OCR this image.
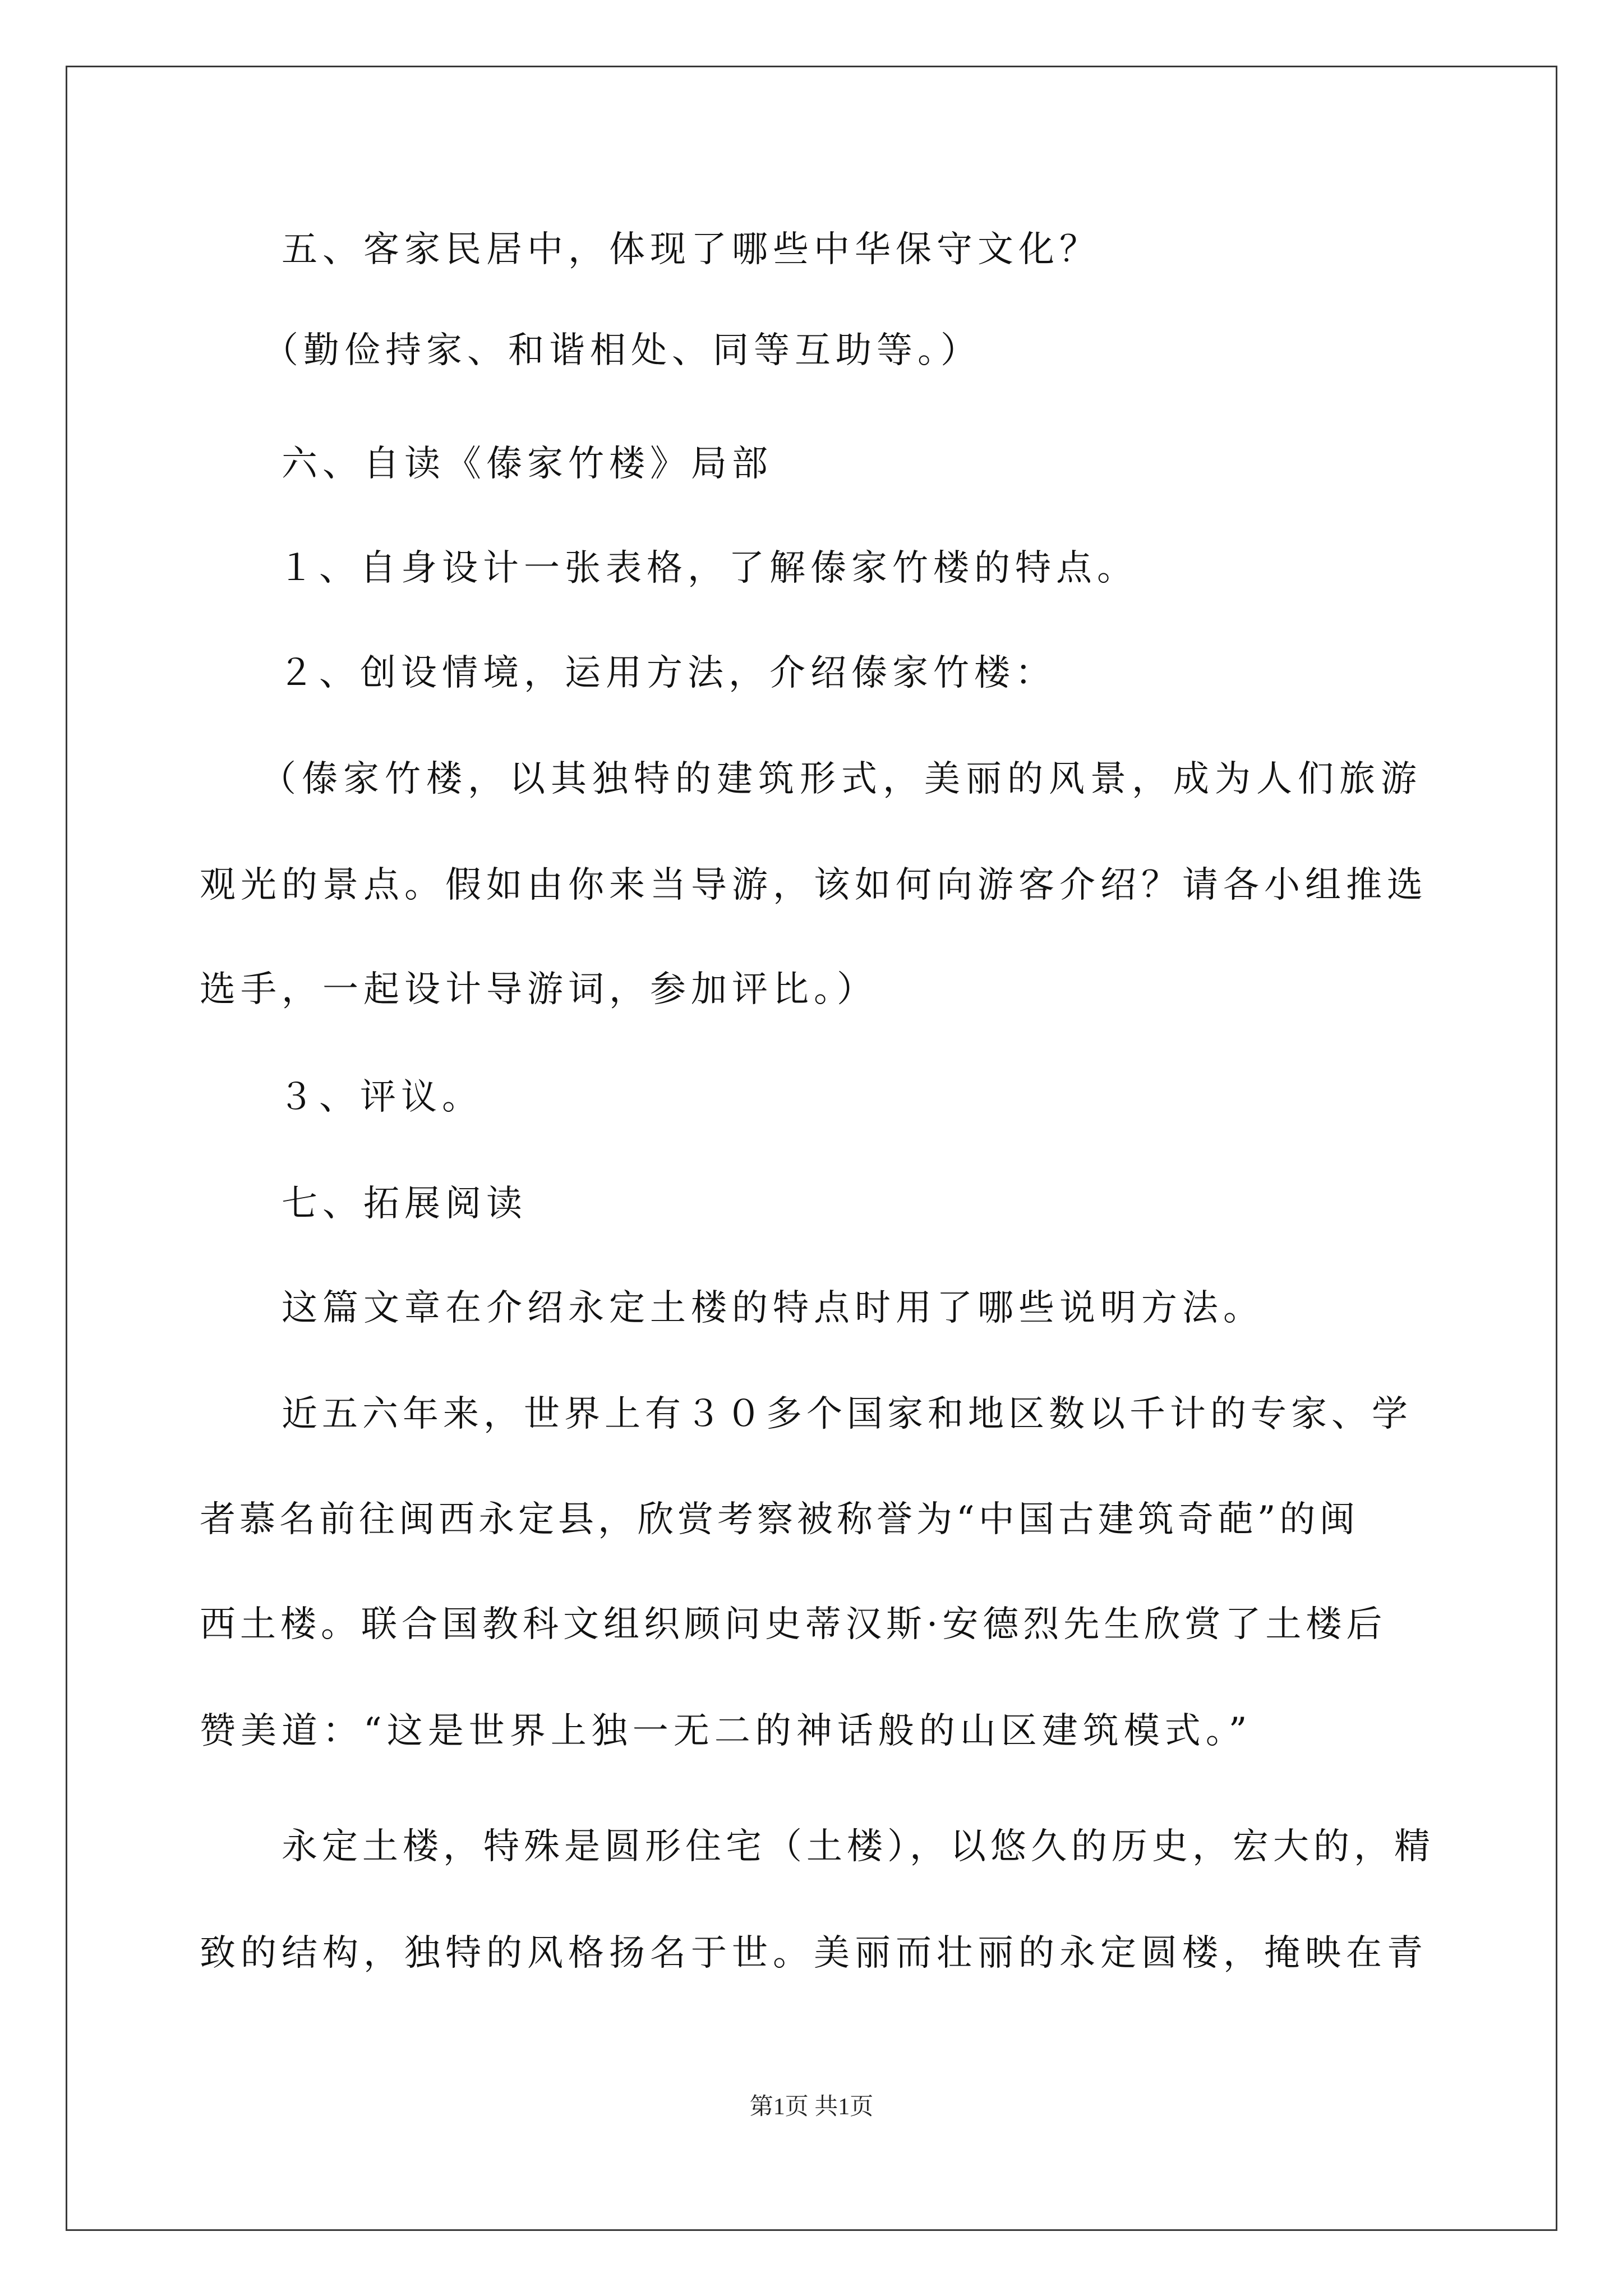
五、客家民居中，体现了哪些中华保守文化？
（勤俭持家、和谐相处、同等互助等。）
六、自读《傣家竹楼》局部
１、自身设计一张表格，了解傣家竹楼的特点。
２、创设情境，运用方法，介绍傣家竹楼：
（傣家竹楼，以其独特的建筑形式，美丽的风景，成为人们旅游
观光的景点。假如由你来当导游，该如何向游客介绍？请各小组推选
选手，一起设计导游词，参加评比。）
３、评议。
七、拓展阅读
这篇文章在介绍永定土楼的特点时用了哪些说明方法。
近五六年来，世界上有３０多个国家和地区数以千计的专家、学
者慕名前往闽西永定县，欣赏考察被称誉为“中国古建筑奇葩”的闽
西土楼。联合国教科文组织顾问史蒂汉斯·安德烈先生欣赏了土楼后
赞美道：“这是世界上独一无二的神话般的山区建筑模式。”
永定土楼，特殊是圆形住宅（土楼），以悠久的历史，宏大的，精
致的结构，独特的风格扬名于世。美丽而壮丽的永定圆楼，掩映在青
第1页 共1页
